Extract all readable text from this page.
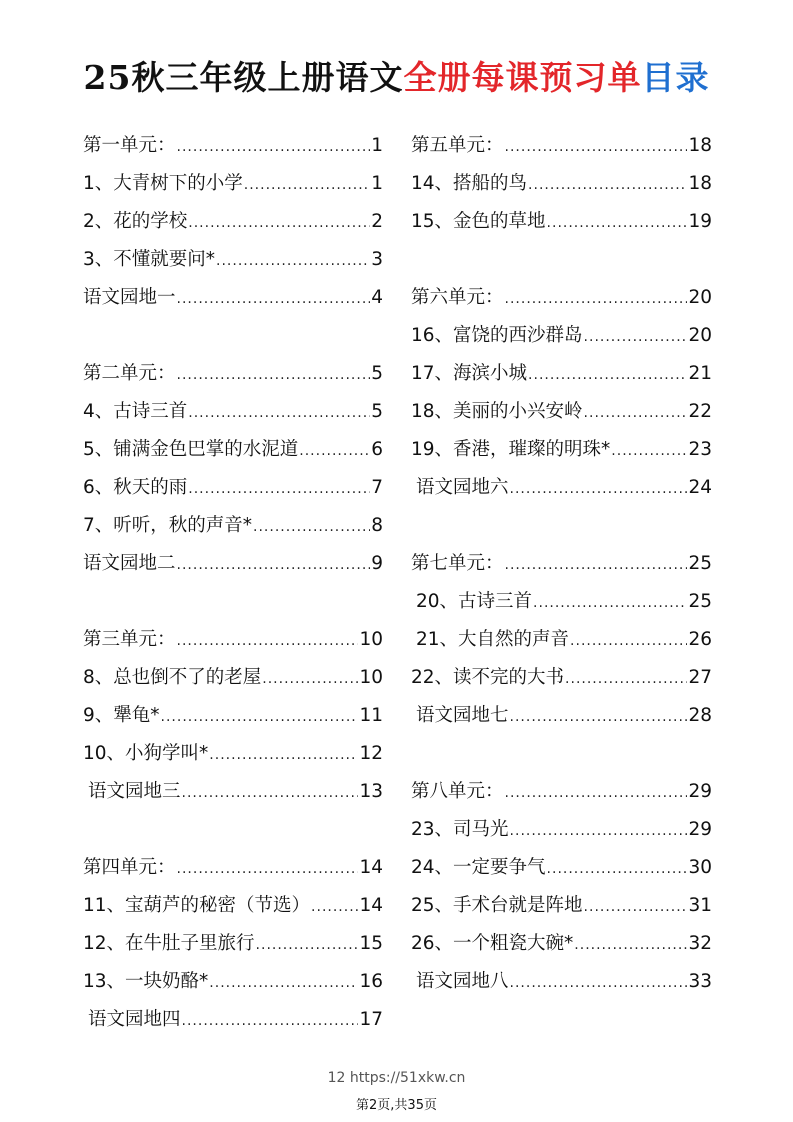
25秋三年级上册语文全册每课预习单目录
第一单元： .....	1
1、大青树下的小学 .....	1
2、花的学校 .....	2
3、不懂就要问* .....	3
语文园地一 .....	4
第二单元： .....	5
4、古诗三首 .....	5
5、铺满金色巴掌的水泥道 .....	6
6、秋天的雨 .....	7
7、听听，秋的声音* .....	8
语文园地二 .....	9
第三单元： .....	10
8、总也倒不了的老屋 .....	10
9、犟龟* .....	11
10、小狗学叫* .....	12
语文园地三 .....	13
第四单元： .....	14
11、宝葫芦的秘密（节选） .....	14
12、在牛肚子里旅行 .....	15
13、一块奶酪* .....	16
语文园地四 .....	17
第五单元： .....	18
14、搭船的鸟 .....	18
15、金色的草地 .....	19
第六单元： .....	20
16、富饶的西沙群岛 .....	20
17、海滨小城 .....	21
18、美丽的小兴安岭 .....	22
19、香港，璀璨的明珠* .....	23
语文园地六 .....	24
第七单元： .....	25
20、古诗三首 .....	25
21、大自然的声音 .....	26
22、读不完的大书 .....	27
语文园地七 .....	28
第八单元： .....	29
23、司马光 .....	29
24、一定要争气 .....	30
25、手术台就是阵地 .....	31
26、一个粗瓷大碗* .....	32
语文园地八 .....	33
12 https://51xkw.cn
第2页,共35页
